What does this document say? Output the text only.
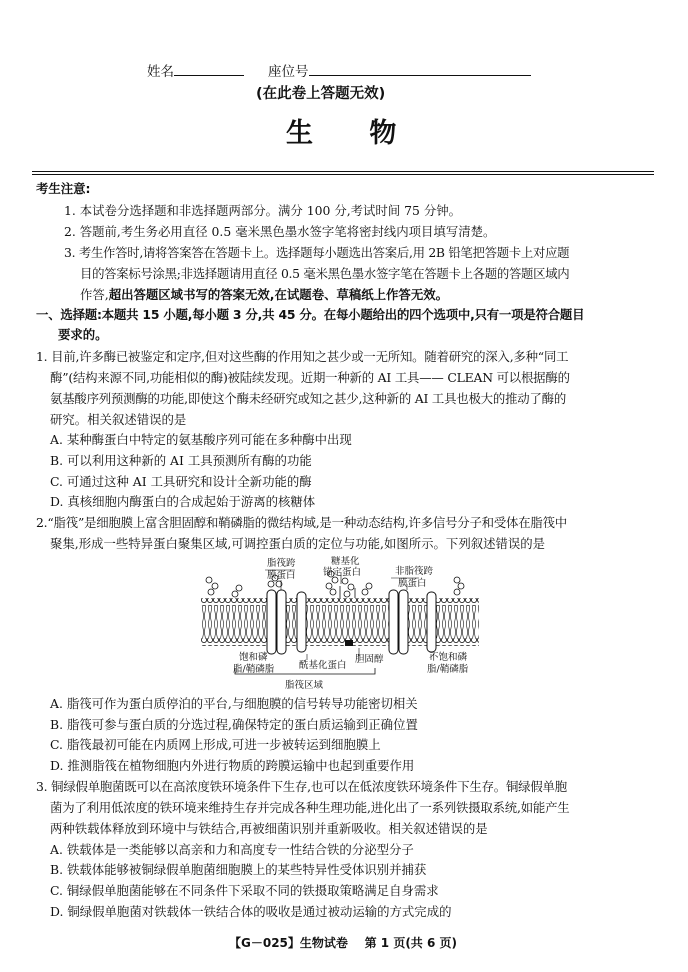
姓名	座位号
(在此卷上答题无效)
生      物
考生注意:
1. 本试卷分选择题和非选择题两部分。满分 100 分,考试时间 75 分钟。
2. 答题前,考生务必用直径 0.5 毫米黑色墨水签字笔将密封线内项目填写清楚。
3. 考生作答时,请将答案答在答题卡上。选择题每小题选出答案后,用 2B 铅笔把答题卡上对应题
目的答案标号涂黑;非选择题请用直径 0.5 毫米黑色墨水签字笔在答题卡上各题的答题区域内
作答,超出答题区域书写的答案无效,在试题卷、草稿纸上作答无效。
一、选择题:本题共 15 小题,每小题 3 分,共 45 分。在每小题给出的四个选项中,只有一项是符合题目
要求的。
1. 目前,许多酶已被鉴定和定序,但对这些酶的作用知之甚少或一无所知。随着研究的深入,多种“同工
酶”(结构来源不同,功能相似的酶)被陆续发现。近期一种新的 AI 工具—— CLEAN 可以根据酶的
氨基酸序列预测酶的功能,即使这个酶未经研究或知之甚少,这种新的 AI 工具也极大的推动了酶的
研究。相关叙述错误的是
A. 某种酶蛋白中特定的氨基酸序列可能在多种酶中出现
B. 可以利用这种新的 AI 工具预测所有酶的功能
C. 可通过这种 AI 工具研究和设计全新功能的酶
D. 真核细胞内酶蛋白的合成起始于游离的核糖体
2.“脂筏”是细胞膜上富含胆固醇和鞘磷脂的微结构域,是一种动态结构,许多信号分子和受体在脂筏中
聚集,形成一些特异蛋白聚集区域,可调控蛋白质的定位与功能,如图所示。下列叙述错误的是
脂筏跨
膜蛋白
糖基化
锚定蛋白	非脂筏跨
膜蛋白
饱和磷
脂/鞘磷脂	酰基化蛋白
胆固醇	不饱和磷
脂/鞘磷脂
脂筏区域
A. 脂筏可作为蛋白质停泊的平台,与细胞膜的信号转导功能密切相关
B. 脂筏可参与蛋白质的分选过程,确保特定的蛋白质运输到正确位置
C. 脂筏最初可能在内质网上形成,可进一步被转运到细胞膜上
D. 推测脂筏在植物细胞内外进行物质的跨膜运输中也起到重要作用
3. 铜绿假单胞菌既可以在高浓度铁环境条件下生存,也可以在低浓度铁环境条件下生存。铜绿假单胞
菌为了利用低浓度的铁环境来维持生存并完成各种生理功能,进化出了一系列铁摄取系统,如能产生
两种铁载体释放到环境中与铁结合,再被细菌识别并重新吸收。相关叙述错误的是
A. 铁载体是一类能够以高亲和力和高度专一性结合铁的分泌型分子
B. 铁载体能够被铜绿假单胞菌细胞膜上的某些特异性受体识别并捕获
C. 铜绿假单胞菌能够在不同条件下采取不同的铁摄取策略满足自身需求
D. 铜绿假单胞菌对铁载体一铁结合体的吸收是通过被动运输的方式完成的
【G－025】生物试卷    第 1 页(共 6 页)
